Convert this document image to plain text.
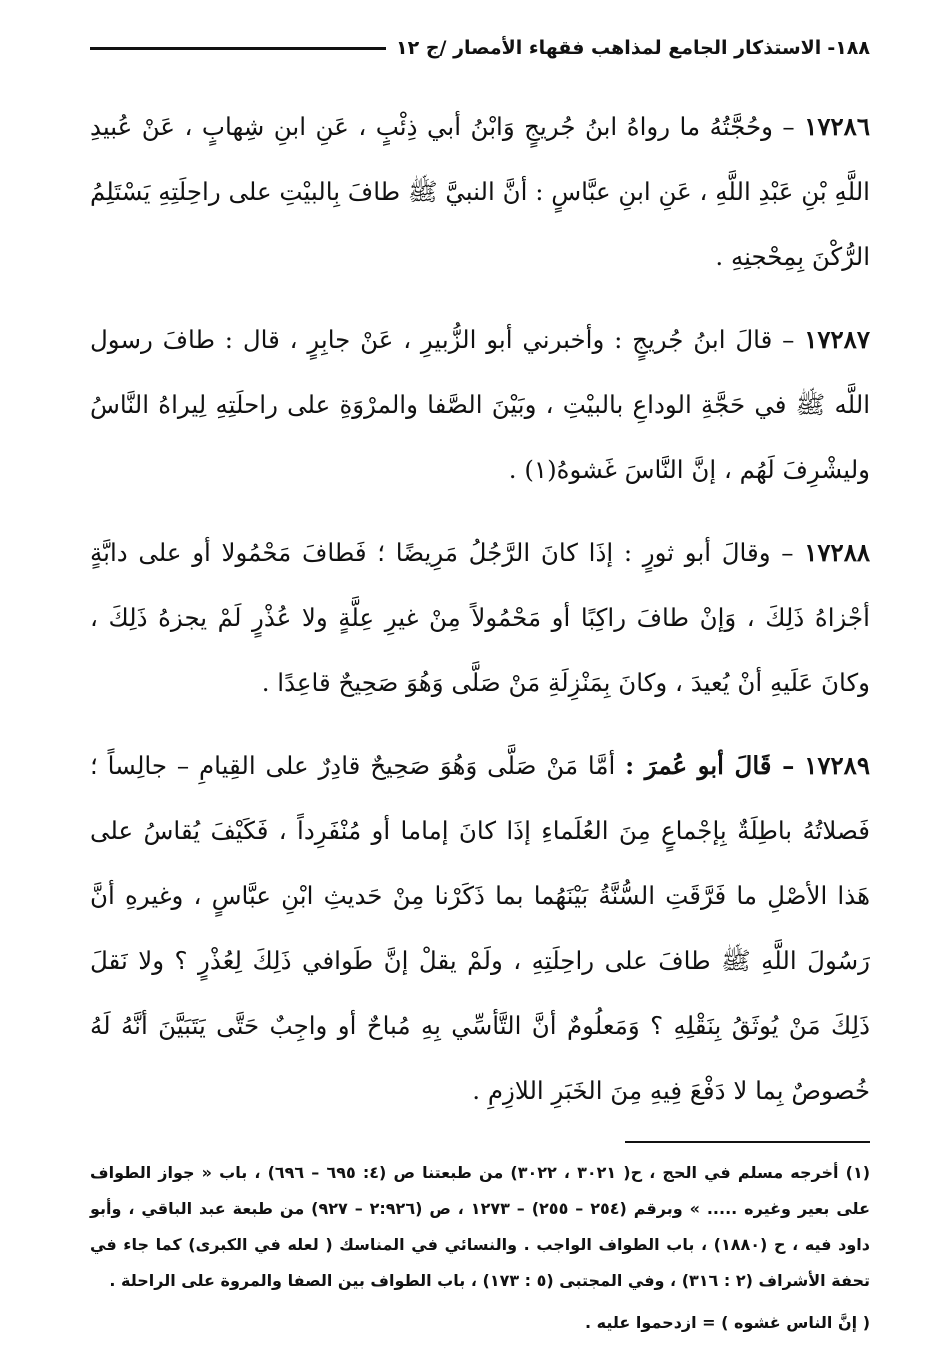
١٨٨-
الاستذكار الجامع لمذاهب فقهاء الأمصار /ج ١٢

١٧٢٨٦ – وحُجَّتُهُ ما رواهُ ابنُ جُريجٍ وَابْنُ أبي ذِئْبٍ ، عَنِ ابنِ شِهابٍ ، عَنْ عُبيدِ اللَّهِ بْنِ عَبْدِ اللَّهِ ، عَنِ ابنِ عبَّاسٍ : أنَّ النبيَّ ﷺ طافَ بِالبيْتِ على راحِلَتِهِ يَسْتَلِمُ الرُّكْنَ بِمِحْجنِهِ .

١٧٢٨٧ – قالَ ابنُ جُريجٍ : وأخبرني أبو الزُّبيرِ ، عَنْ جابِرٍ ، قال : طافَ رسول اللَّه ﷺ في حَجَّةِ الوداعِ بالبيْتِ ، وبَيْنَ الصَّفا والمرْوَةِ على راحلَتِهِ لِيراهُ النَّاسُ وليشْرِفَ لَهُم ، إنَّ النَّاسَ غَشوهُ(١) .

١٧٢٨٨ – وقالَ أبو ثورٍ : إذَا كانَ الرَّجُلُ مَرِيضًا ؛ فَطافَ مَحْمُولا أو على دابَّةٍ أجْزاهُ ذَلِكَ ، وَإنْ طافَ راكِبًا أو مَحْمُولاً مِنْ غيرِ عِلَّةٍ ولا عُذْرٍ لَمْ يجزهُ ذَلِكَ ، وكانَ عَلَيهِ أنْ يُعيدَ ، وكانَ بِمَنْزِلَةِ مَنْ صَلَّى وَهُوَ صَحِيحٌ قاعِدًا .

١٧٢٨٩ – قَالَ أبو عُمرَ : أمَّا مَنْ صَلَّى وَهُوَ صَحِيحٌ قادِرٌ على القِيامِ – جالِساً ؛ فَصلاتُهُ باطِلَةٌ بِإجْماعٍ مِنَ العُلَماءِ إذَا كانَ إماما أو مُنْفَرِداً ، فَكَيْفَ يُقاسُ على هَذا الأصْلِ ما فَرَّقَتِ السُّنَّةُ بَيْنَهُما بما ذَكَرْنا مِنْ حَديثِ ابْنِ عبَّاسٍ ، وغيرهِ أنَّ رَسُولَ اللَّهِ ﷺ طافَ على راحِلَتِهِ ، ولَمْ يقلْ إنَّ طَوافي ذَلِكَ لِعُذْرٍ ؟ ولا نَقلَ ذَلِكَ مَنْ يُوثَقُ بِنَقْلِهِ ؟ وَمَعلُومٌ أنَّ التَّأسِّي بِهِ مُباحٌ أو واجِبٌ حَتَّى يَتَبَيَّنَ أنَّهُ لَهُ خُصوصٌ بِما لا دَفْعَ فِيهِ مِنَ الخَبَرِ اللازِمِ .

(١) أخرجه مسلم في الحج ، ح( ٣٠٢١ ، ٣٠٢٢) من طبعتنا ص (٤: ٦٩٥ – ٦٩٦) ، باب « جواز الطواف على بعير وغيره ..... » وبرقم (٢٥٤ – ٢٥٥) – ١٢٧٣ ، ص (٢:٩٢٦ – ٩٢٧) من طبعة عبد الباقي ، وأبو داود فيه ، ح (١٨٨٠) ، باب الطواف الواجب . والنسائي في المناسك ( لعله في الكبرى) كما جاء في تحفة الأشراف (٢ : ٣١٦) ، وفي المجتبى (٥ : ١٧٣) ، باب الطواف بين الصفا والمروة على الراحلة .

( إنَّ الناس غشوه ) = ازدحموا عليه .
